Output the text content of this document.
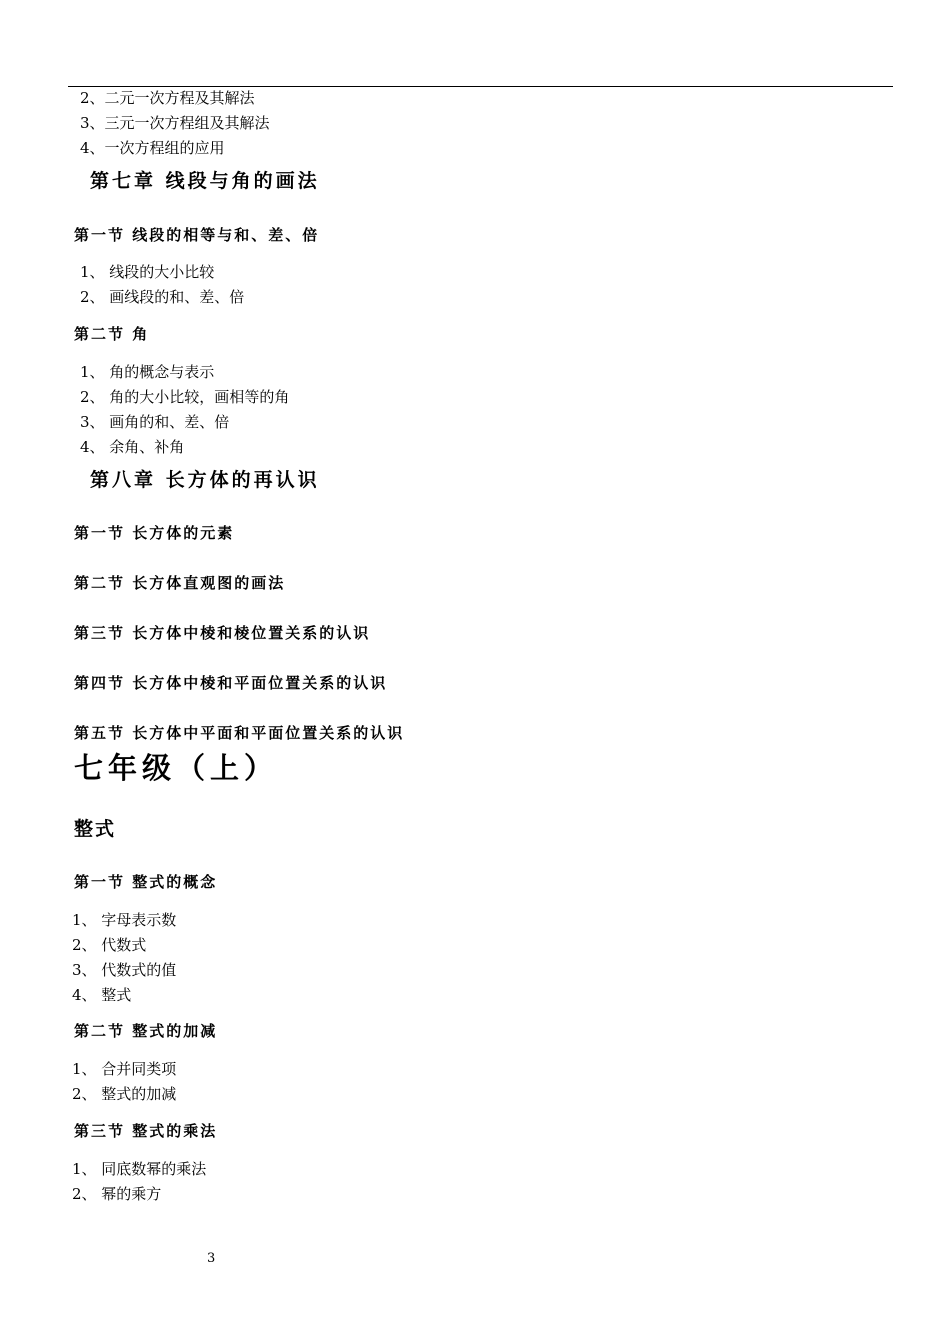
2、二元一次方程及其解法
3、三元一次方程组及其解法
4、一次方程组的应用
第七章 线段与角的画法
第一节 线段的相等与和、差、倍
1、 线段的大小比较
2、 画线段的和、差、倍
第二节 角
1、 角的概念与表示
2、 角的大小比较，画相等的角
3、 画角的和、差、倍
4、 余角、补角
第八章 长方体的再认识
第一节 长方体的元素
第二节 长方体直观图的画法
第三节 长方体中棱和棱位置关系的认识
第四节 长方体中棱和平面位置关系的认识
第五节 长方体中平面和平面位置关系的认识
七年级（上）
整式
第一节 整式的概念
1、 字母表示数
2、 代数式
3、 代数式的值
4、 整式
第二节 整式的加减
1、 合并同类项
2、 整式的加减
第三节 整式的乘法
1、 同底数幂的乘法
2、 幂的乘方
3
